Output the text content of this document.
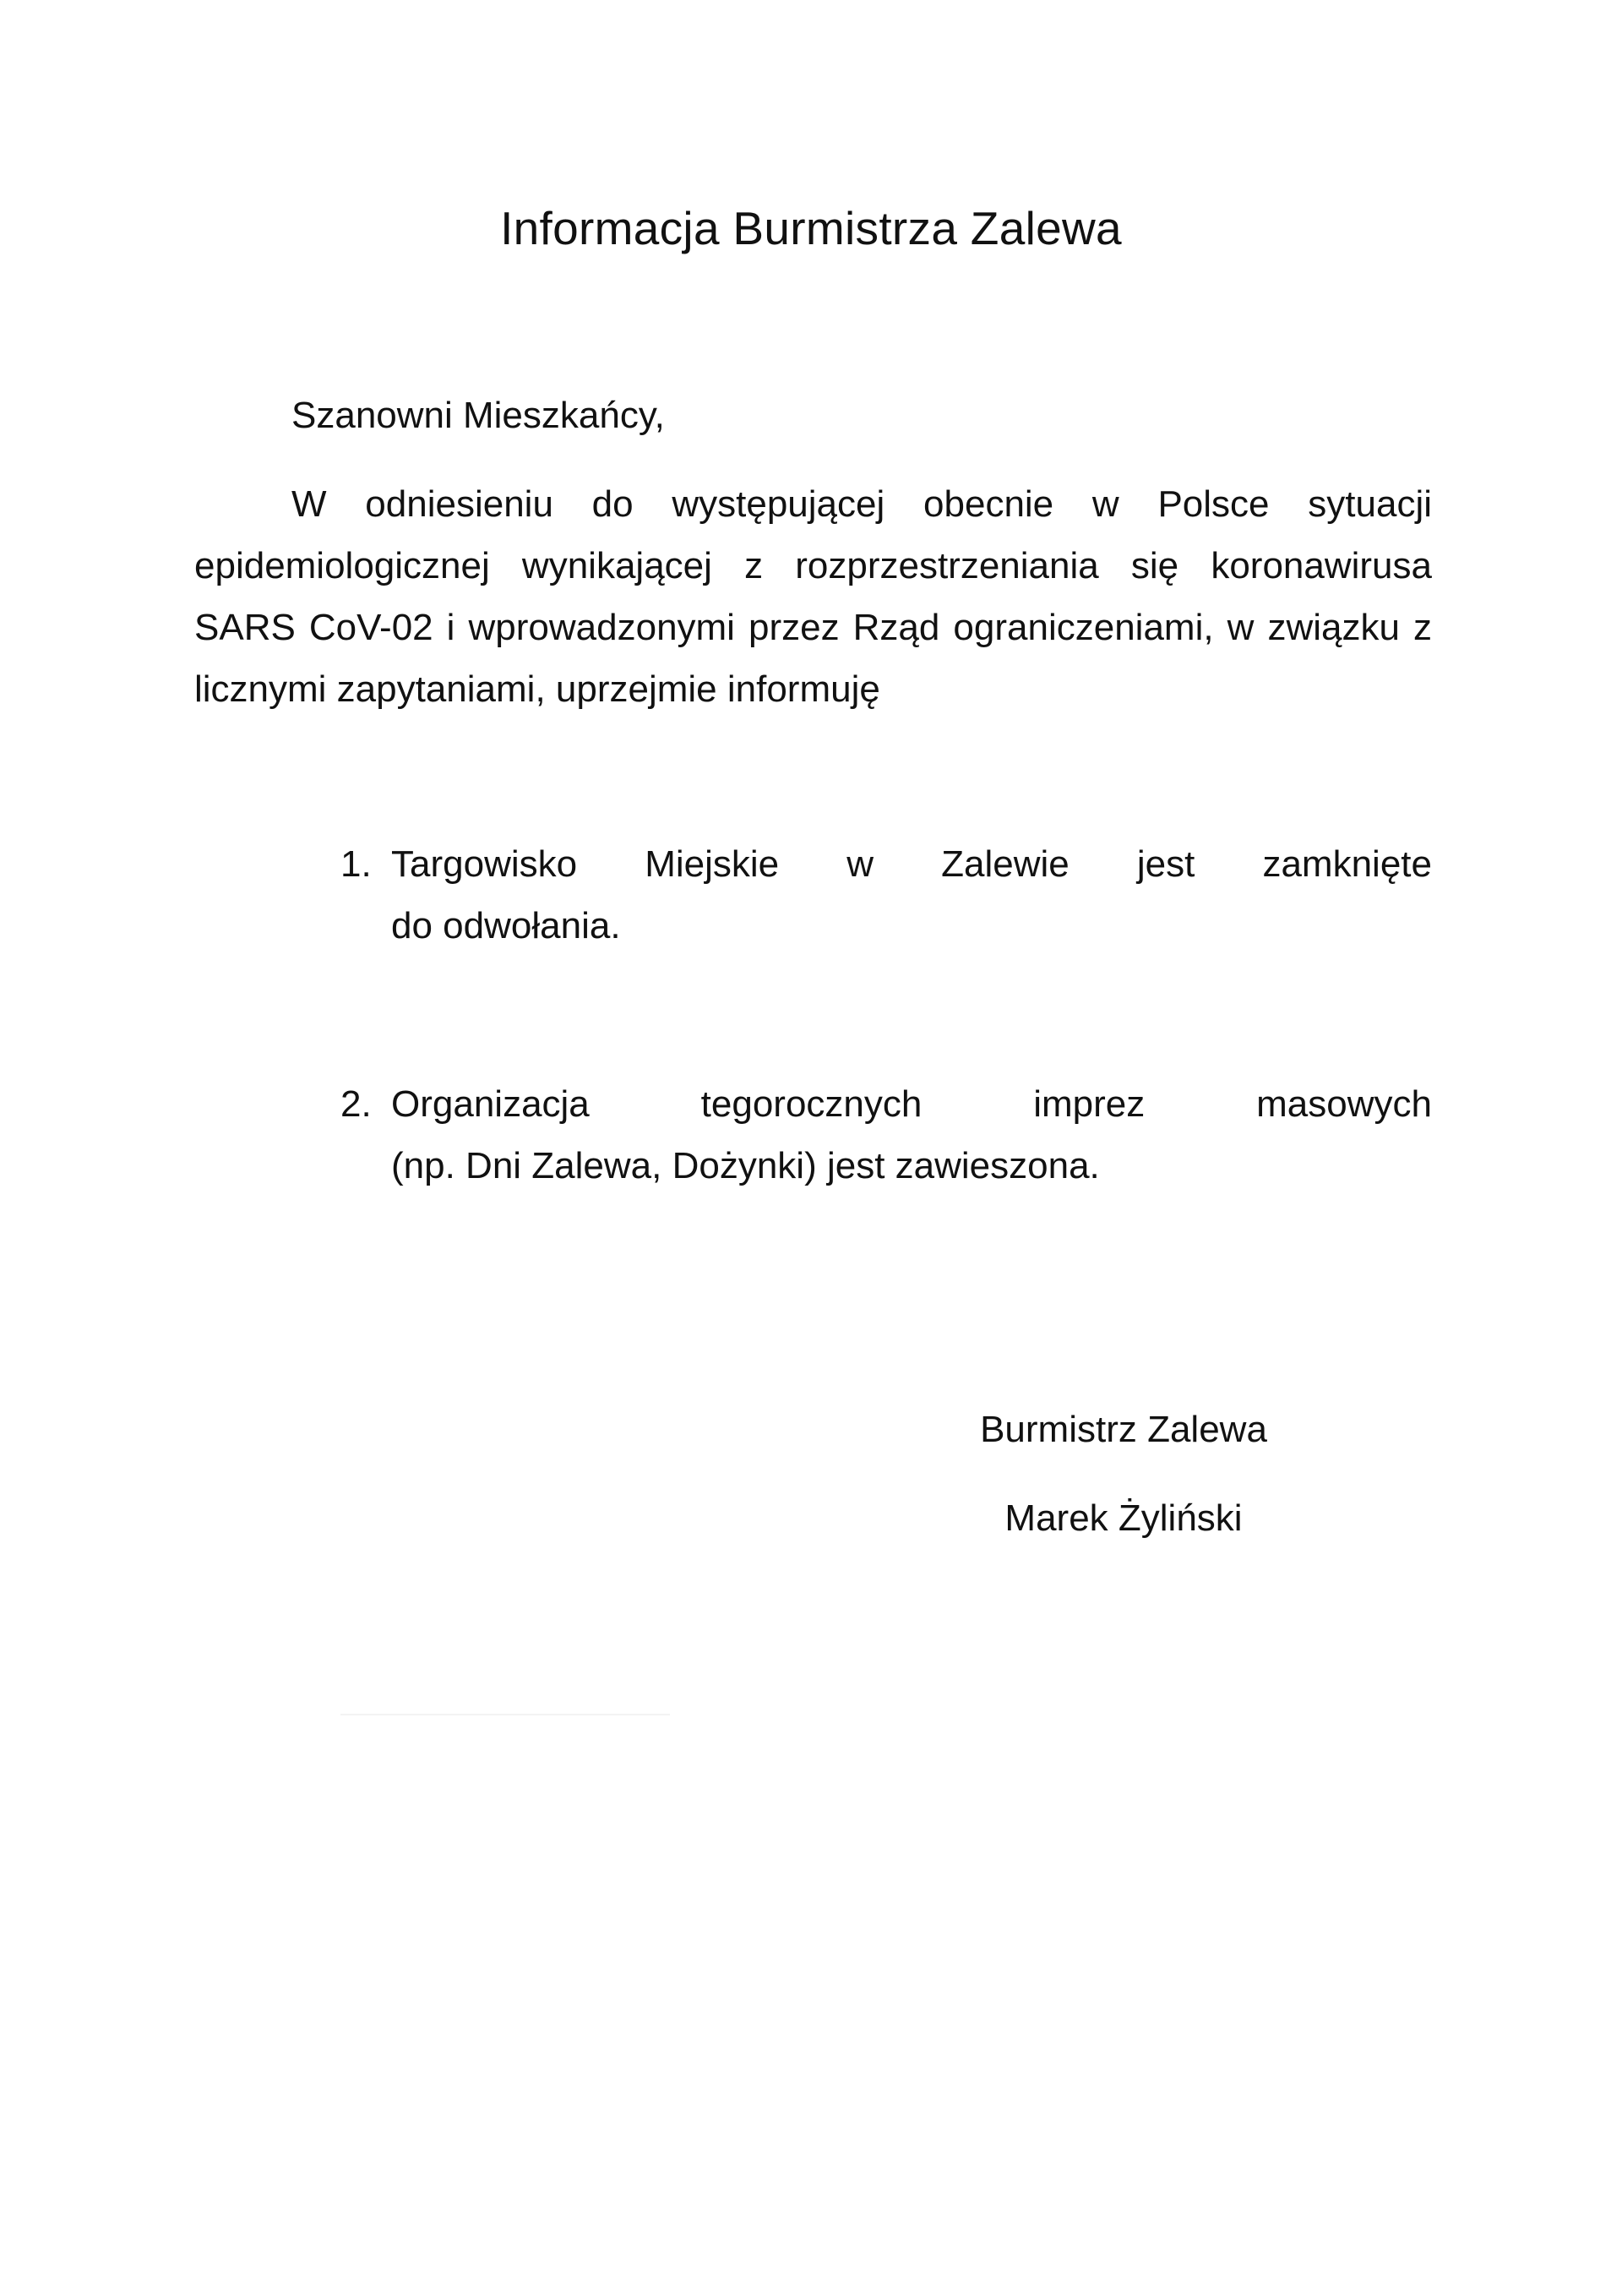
Informacja Burmistrza Zalewa

Szanowni Mieszkańcy,

W odniesieniu do występującej obecnie w Polsce sytuacji epidemiologicznej wynikającej z rozprzestrzeniania się koronawirusa SARS CoV-02 i wprowadzonymi przez Rząd ograniczeniami, w związku z licznymi zapytaniami, uprzejmie informuję

1. Targowisko Miejskie w Zalewie jest zamknięte
do odwołania.
2. Organizacja tegorocznych imprez masowych
(np. Dni Zalewa, Dożynki) jest zawieszona.

Burmistrz Zalewa

Marek Żyliński
